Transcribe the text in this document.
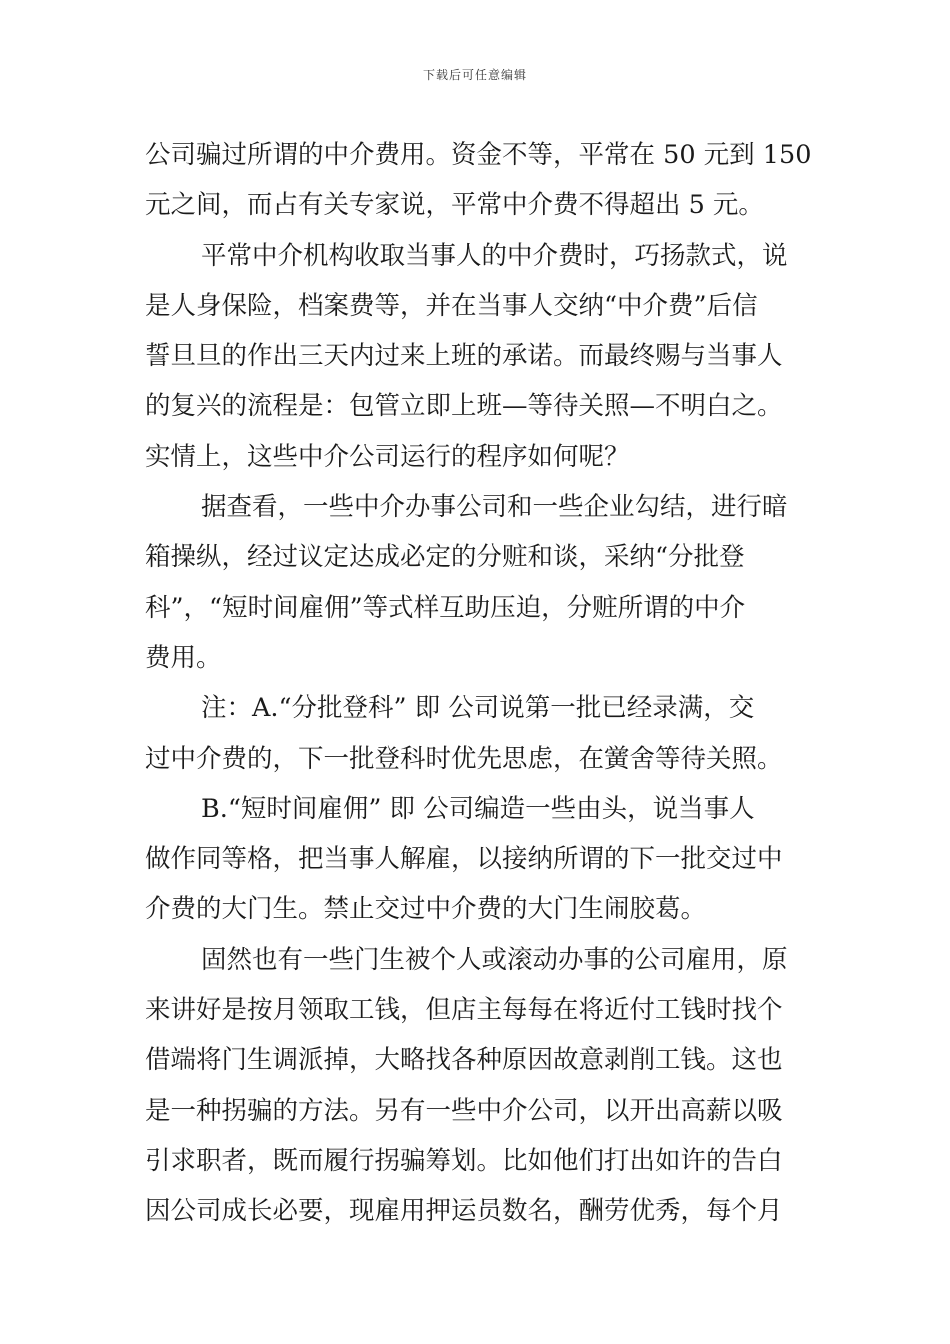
下载后可任意编辑

公司骗过所谓的中介费用。资金不等，平常在 50 元到 150
元之间，而占有关专家说，平常中介费不得超出 5 元。

平常中介机构收取当事人的中介费时，巧扬款式，说
是人身保险，档案费等，并在当事人交纳“中介费”后信
誓旦旦的作出三天内过来上班的承诺。而最终赐与当事人
的复兴的流程是：包管立即上班—等待关照—不明白之。
实情上，这些中介公司运行的程序如何呢？

据查看，一些中介办事公司和一些企业勾结，进行暗
箱操纵，经过议定达成必定的分赃和谈，采纳“分批登
科”，“短时间雇佣”等式样互助压迫，分赃所谓的中介
费用。

注：A.“分批登科” 即 公司说第一批已经录满，交
过中介费的，下一批登科时优先思虑，在黉舍等待关照。

B.“短时间雇佣” 即 公司编造一些由头，说当事人
做作同等格，把当事人解雇，以接纳所谓的下一批交过中
介费的大门生。禁止交过中介费的大门生闹胶葛。

固然也有一些门生被个人或滚动办事的公司雇用，原
来讲好是按月领取工钱，但店主每每在将近付工钱时找个
借端将门生调派掉，大略找各种原因故意剥削工钱。这也
是一种拐骗的方法。另有一些中介公司，以开出高薪以吸
引求职者，既而履行拐骗筹划。比如他们打出如许的告白
因公司成长必要，现雇用押运员数名，酬劳优秀，每个月
